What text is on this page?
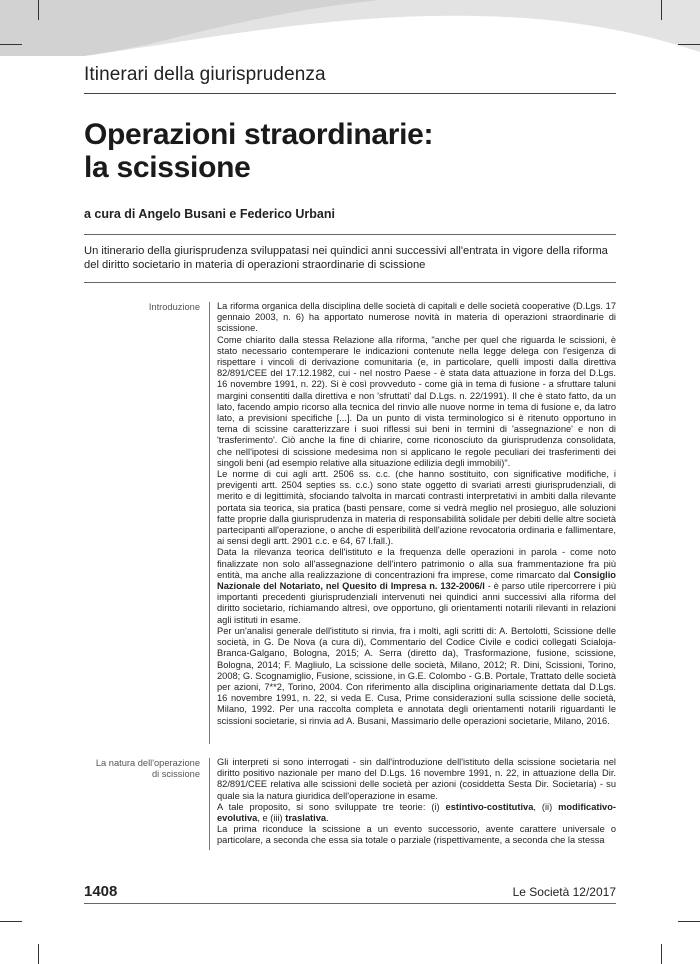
Itinerari della giurisprudenza
Operazioni straordinarie:
la scissione
a cura di Angelo Busani e Federico Urbani
Un itinerario della giurisprudenza sviluppatasi nei quindici anni successivi all'entrata in vigore della riforma del diritto societario in materia di operazioni straordinarie di scissione
Introduzione La riforma organica della disciplina delle società di capitali e delle società cooperative (D.Lgs. 17 gennaio 2003, n. 6) ha apportato numerose novità in materia di operazioni straordinarie di scissione.

Come chiarito dalla stessa Relazione alla riforma, "anche per quel che riguarda le scissioni, è stato necessario contemperare le indicazioni contenute nella legge delega con l'esigenza di rispettare i vincoli di derivazione comunitaria (e, in particolare, quelli imposti dalla direttiva 82/891/CEE del 17.12.1982, cui - nel nostro Paese - è stata data attuazione in forza del D.Lgs. 16 novembre 1991, n. 22). Si è così provveduto - come già in tema di fusione - a sfruttare taluni margini consentiti dalla direttiva e non 'sfruttati' dal D.Lgs. n. 22/1991). Il che è stato fatto, da un lato, facendo ampio ricorso alla tecnica del rinvio alle nuove norme in tema di fusione e, da latro lato, a previsioni specifiche [...]. Da un punto di vista terminologico si è ritenuto opportuno in tema di scissine caratterizzare i suoi riflessi sui beni in termini di 'assegnazione' e non di 'trasferimento'. Ciò anche la fine di chiarire, come riconosciuto da giurisprudenza consolidata, che nell'ipotesi di scissione medesima non si applicano le regole peculiari dei trasferimenti dei singoli beni (ad esempio relative alla situazione edilizia degli immobili)".

Le norme di cui agli artt. 2506 ss. c.c. (che hanno sostituito, con significative modifiche, i previgenti artt. 2504 septies ss. c.c.) sono state oggetto di svariati arresti giurisprudenziali, di merito e di legittimità, sfociando talvolta in marcati contrasti interpretativi in ambiti dalla rilevante portata sia teorica, sia pratica (basti pensare, come si vedrà meglio nel prosieguo, alle soluzioni fatte proprie dalla giurisprudenza in materia di responsabilità solidale per debiti delle altre società partecipanti all'operazione, o anche di esperibilità dell'azione revocatoria ordinaria e fallimentare, ai sensi degli artt. 2901 c.c. e 64, 67 l.fall.).

Data la rilevanza teorica dell'istituto e la frequenza delle operazioni in parola - come noto finalizzate non solo all'assegnazione dell'intero patrimonio o alla sua frammentazione fra più entità, ma anche alla realizzazione di concentrazioni fra imprese, come rimarcato dal Consiglio Nazionale del Notariato, nel Quesito di Impresa n. 132-2006/I - è parso utile ripercorrere i più importanti precedenti giurisprudenziali intervenuti nei quindici anni successivi alla riforma del diritto societario, richiamando altresì, ove opportuno, gli orientamenti notarili rilevanti in relazioni agli istituti in esame.

Per un'analisi generale dell'istituto si rinvia, fra i molti, agli scritti di: A. Bertolotti, Scissione delle società, in G. De Nova (a cura di), Commentario del Codice Civile e codici collegati Scialoja-Branca-Galgano, Bologna, 2015; A. Serra (diretto da), Trasformazione, fusione, scissione, Bologna, 2014; F. Magliulo, La scissione delle società, Milano, 2012; R. Dini, Scissioni, Torino, 2008; G. Scognamiglio, Fusione, scissione, in G.E. Colombo - G.B. Portale, Trattato delle società per azioni, 7**2, Torino, 2004. Con riferimento alla disciplina originariamente dettata dal D.Lgs. 16 novembre 1991, n. 22, si veda E. Cusa, Prime considerazioni sulla scissione delle società, Milano, 1992. Per una raccolta completa e annotata degli orientamenti notarili riguardanti le scissioni societarie, si rinvia ad A. Busani, Massimario delle operazioni societarie, Milano, 2016.

La natura dell'operazione
di scissione

Gli interpreti si sono interrogati - sin dall'introduzione dell'istituto della scissione societaria nel diritto positivo nazionale per mano del D.Lgs. 16 novembre 1991, n. 22, in attuazione della Dir. 82/891/CEE relativa alle scissioni delle società per azioni (cosiddetta Sesta Dir. Societaria) - su quale sia la natura giuridica dell'operazione in esame.

A tale proposito, si sono sviluppate tre teorie: (i) estintivo-costitutiva, (ii) modificativo-evolutiva, e (iii) traslativa.

La prima riconduce la scissione a un evento successorio, avente carattere universale o particolare, a seconda che essa sia totale o parziale (rispettivamente, a seconda che la stessa

1408	Le Società 12/2017
